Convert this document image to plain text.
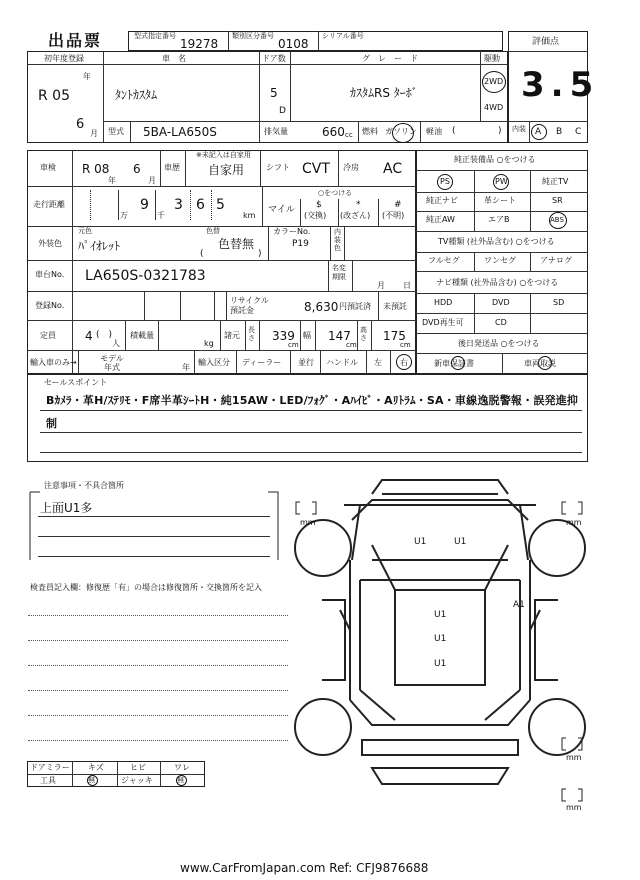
出品票	型式指定番号
19278
類別区分番号
0108
シリアル番号
初年度登録
年
R 05
6
月
車　名
ﾀﾝﾄｶｽﾀﾑ
ドア数
5
D
グ　レ　ー　ド
ｶｽﾀﾑRS ﾀｰﾎﾞ
駆動
2WD
4WD
型式 5BA-LA650S	排気量	660 cc 燃料 ガソリン 軽油 (	)
評価点
3.5
内装 A B C
車検 R 08
年
6
月
車歴
※未記入は自家用
自家用	シフト CVT 冷房 AC
走行距離
万
9
千
3 6 5
km
○をつける
マイル $
(交換)
*
(改ざん)
#
(不明)
外装色
元色
ﾊﾟｲｵﾚｯﾄ
色替
色替無
(	)
カラーNo.
P19
内装色
車台No. LA650S-0321783	名変期限
月 日
登録No.
リサイクル預託金	8,630 円預託済 未預託
定員 4 (　)
人
積載量
kg
諸元
長さ 339
cm
幅 147
cm
高さ 175
cm
輸入車のみ→	モデル年式	年
輸入区分 ディーラー 並行 ハンドル 左 右
純正装備品 ○をつける
PS	PW	純正TV
純正ナビ	革シート	SR
純正AW	エアB	ABS
TV種類 (社外品含む) ○をつける
フルセグ	ワンセグ	アナログ
ナビ種類 (社外品含む) ○をつける
HDD	DVD	SD
DVD再生可	CD
後日発送品 ○をつける
新車保証書	車両取説
セールスポイント
Bｶﾒﾗ・革H/ｽﾃﾘﾓ・F席半革ｼｰﾄH・純15AW・LED/ﾌｫｸﾞ・Aﾊｲﾋﾞ・Aﾘﾄﾗﾑ・SA・車線逸脱警報・誤発進抑
制
注意事項・不具合箇所
上面U1多
検査員記入欄：修復歴「有」の場合は修復箇所・交換箇所を記入
ドアミラー キズ	ヒビ	ワレ
工具	無	ジャッキ	無
mm	mm
mm
mm
U1	U1
U1
U1
U1
A1
www.CarFromJapan.com Ref: CFJ9876688
